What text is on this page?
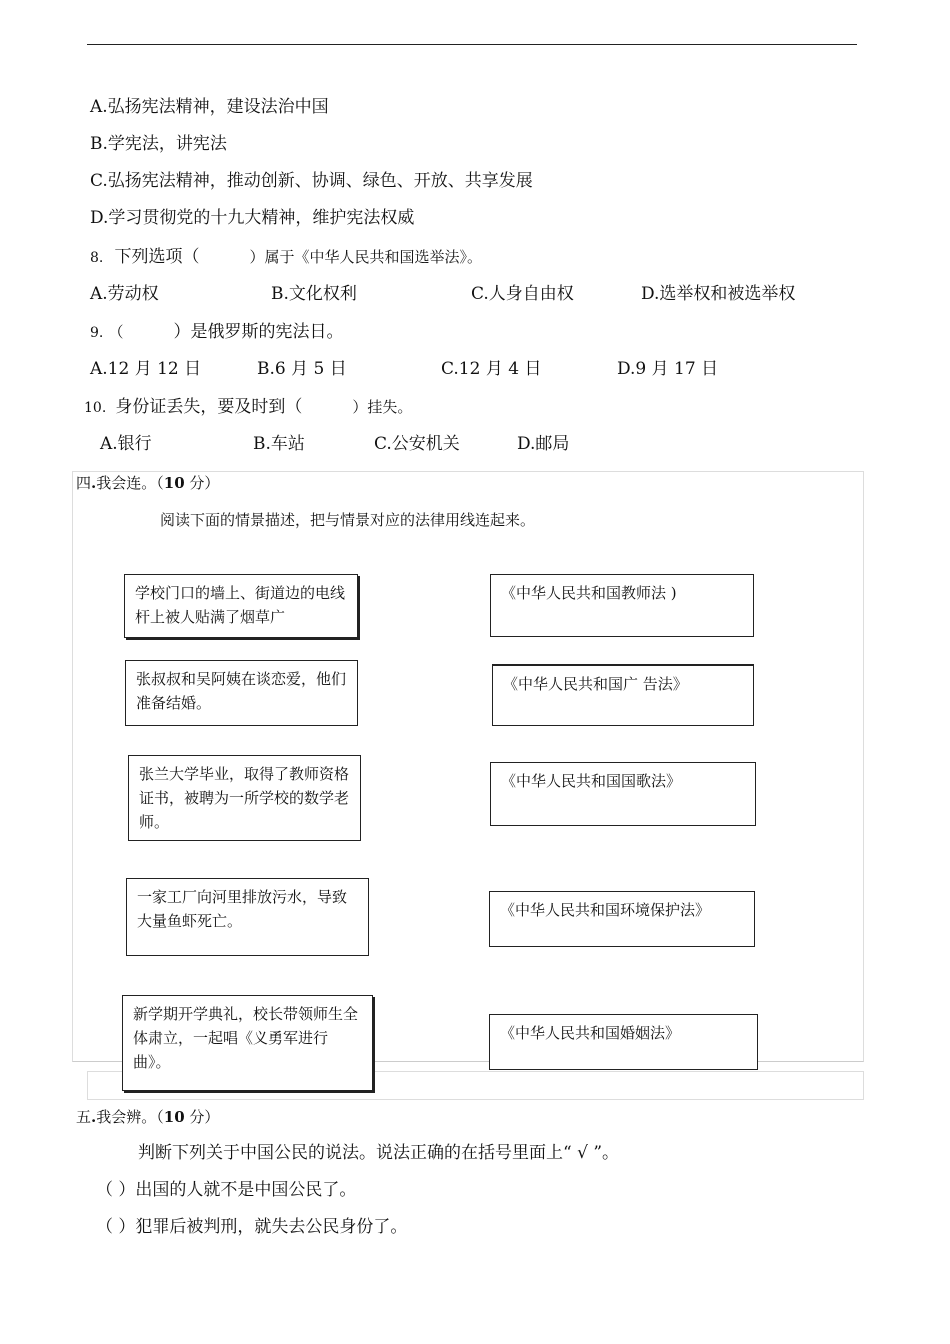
A.弘扬宪法精神，建设法治中国
B.学宪法，讲宪法
C.弘扬宪法精神，推动创新、协调、绿色、开放、共享发展
D.学习贯彻党的十九大精神，维护宪法权威
8. 下列选项（	）属于《中华人民共和国选举法》。
A.劳动权	B.文化权利	C.人身自由权	D.选举权和被选举权
9. （	）是俄罗斯的宪法日。
A.12 月 12 日	B.6 月 5 日	C.12 月 4 日	D.9 月 17 日
10. 身份证丢失，要及时到（	）挂失。
A.银行	B.车站	C.公安机关	D.邮局
四.我会连。（10 分）
阅读下面的情景描述，把与情景对应的法律用线连起来。
学校门口的墙上、街道边的电线杆上被人贴满了烟草广
张叔叔和吴阿姨在谈恋爱，他们准备结婚。
张兰大学毕业，取得了教师资格证书，被聘为一所学校的数学老师。
一家工厂向河里排放污水，导致大量鱼虾死亡。
新学期开学典礼，校长带领师生全体肃立，一起唱《义勇军进行曲》。
《中华人民共和国教师法 )
《中华人民共和国广 告法》
《中华人民共和国国歌法》
《中华人民共和国环境保护法》
《中华人民共和国婚姻法》
五.我会辨。（10 分）
判断下列关于中国公民的说法。说法正确的在括号里面上“ √ ”。
（ ）出国的人就不是中国公民了。
（ ）犯罪后被判刑，就失去公民身份了。
